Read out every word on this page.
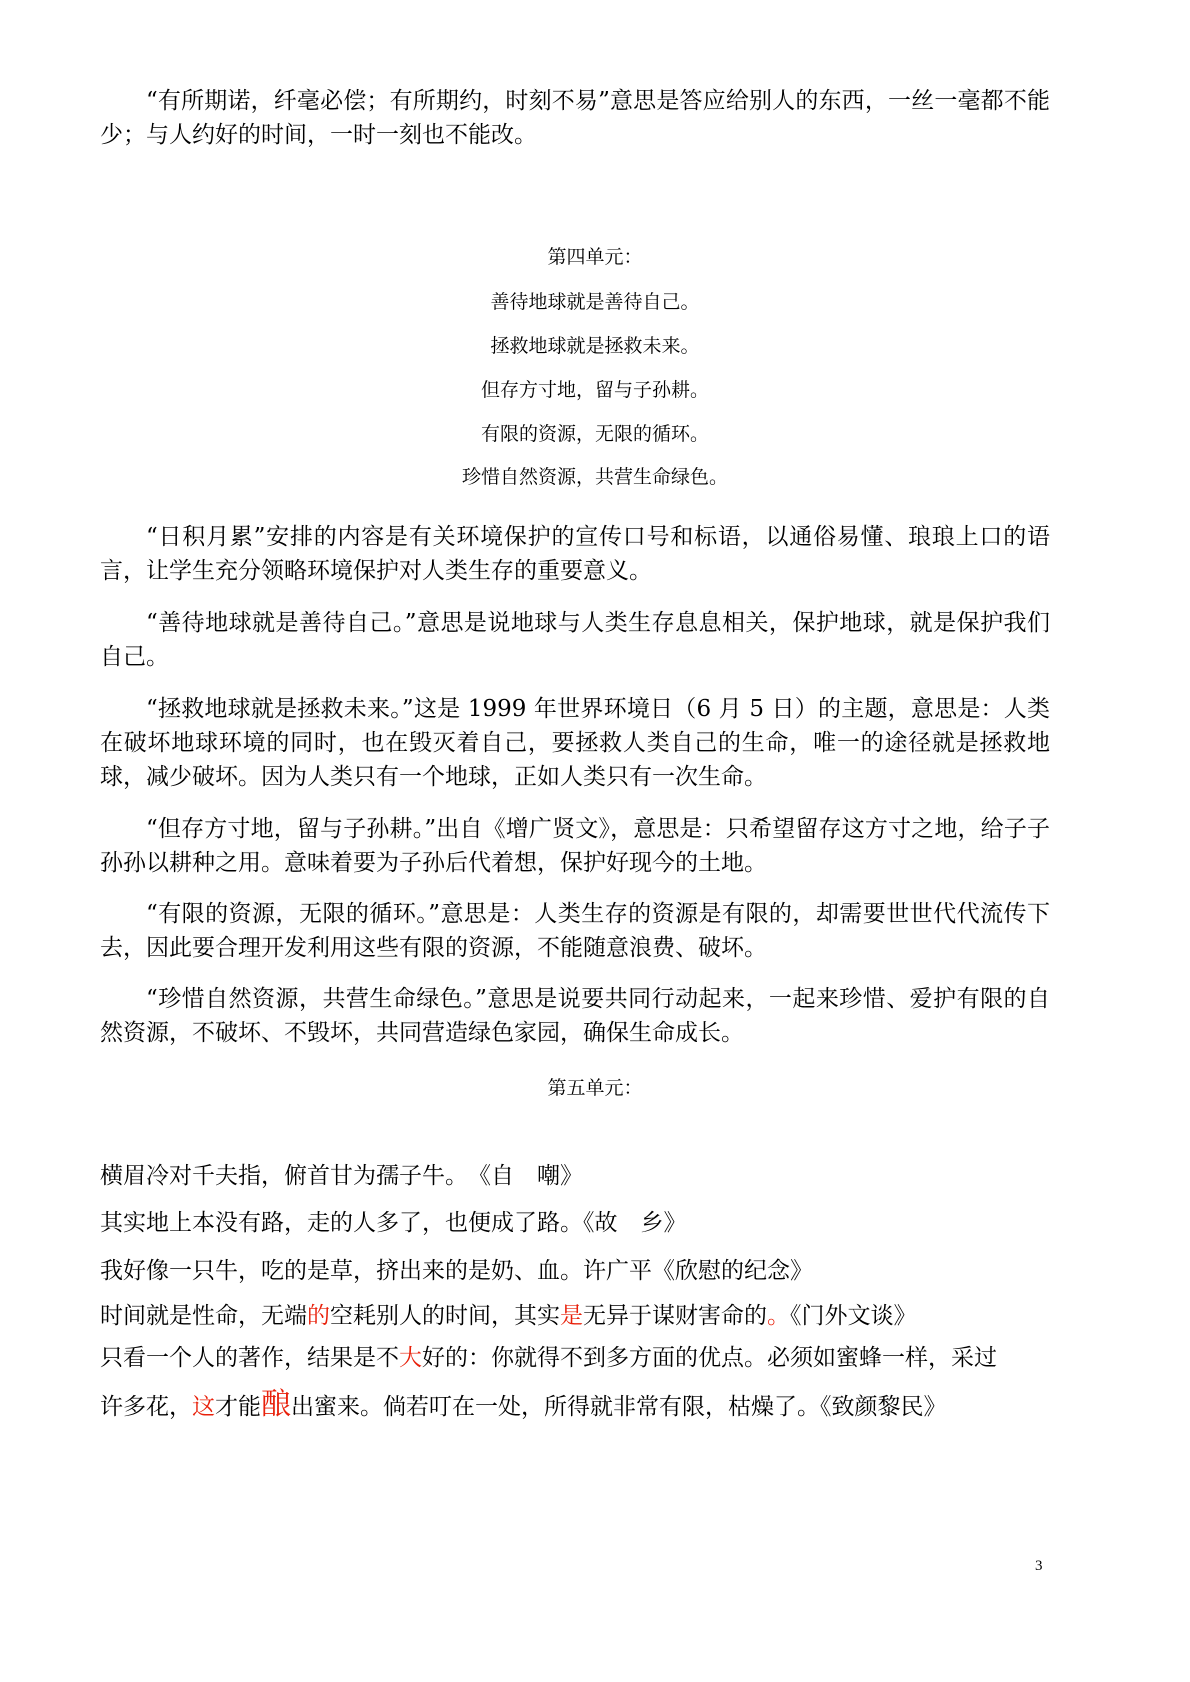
“有所期诺，纤毫必偿；有所期约，时刻不易”意思是答应给别人的东西，一丝一毫都不能少；与人约好的时间，一时一刻也不能改。
第四单元：
善待地球就是善待自己。
拯救地球就是拯救未来。
但存方寸地，留与子孙耕。
有限的资源，无限的循环。
珍惜自然资源，共营生命绿色。
“日积月累”安排的内容是有关环境保护的宣传口号和标语，以通俗易懂、琅琅上口的语言，让学生充分领略环境保护对人类生存的重要意义。
“善待地球就是善待自己。”意思是说地球与人类生存息息相关，保护地球，就是保护我们自己。
“拯救地球就是拯救未来。”这是 1999 年世界环境日（6 月 5 日）的主题，意思是：人类在破坏地球环境的同时，也在毁灭着自己，要拯救人类自己的生命，唯一的途径就是拯救地球，减少破坏。因为人类只有一个地球，正如人类只有一次生命。
“但存方寸地，留与子孙耕。”出自《增广贤文》，意思是：只希望留存这方寸之地，给子子孙孙以耕种之用。意味着要为子孙后代着想，保护好现今的土地。
“有限的资源，无限的循环。”意思是：人类生存的资源是有限的，却需要世世代代流传下去，因此要合理开发利用这些有限的资源，不能随意浪费、破坏。
“珍惜自然资源，共营生命绿色。”意思是说要共同行动起来，一起来珍惜、爱护有限的自然资源，不破坏、不毁坏，共同营造绿色家园，确保生命成长。
第五单元：
横眉冷对千夫指，俯首甘为孺子牛。　《自　嘲》
其实地上本没有路，走的人多了，也便成了路。《故　乡》
我好像一只牛，吃的是草，挤出来的是奶、血。许广平《欣慰的纪念》
时间就是性命，无端的空耗别人的时间，其实是无异于谋财害命的。《门外文谈》
只看一个人的著作，结果是不大好的：你就得不到多方面的优点。必须如蜜蜂一样，采过
许多花，这才能酿出蜜来。倘若叮在一处，所得就非常有限，枯燥了。《致颜黎民》
3
